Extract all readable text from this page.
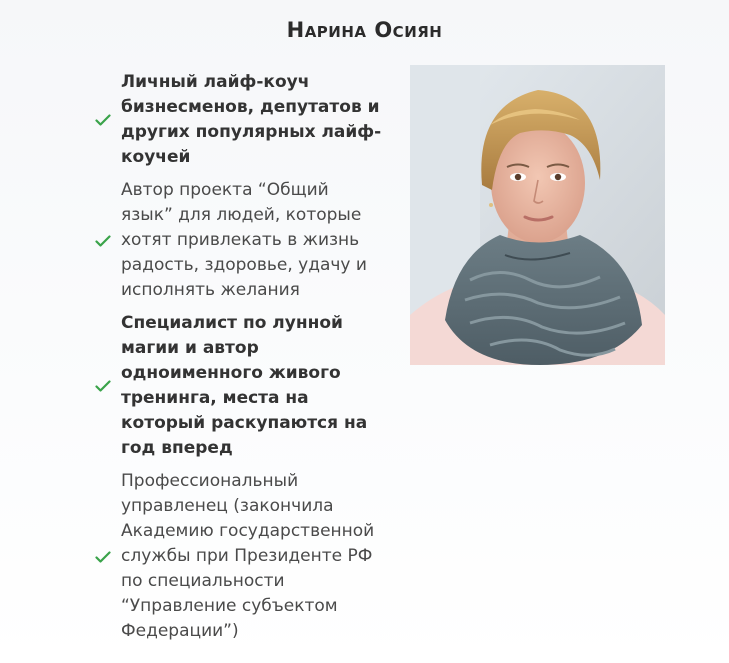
Нарина Осиян
Личный лайф-коуч бизнесменов, депутатов и других популярных лайф-коучей
Автор проекта “Общий язык” для людей, которые хотят привлекать в жизнь радость, здоровье, удачу и исполнять желания
Специалист по лунной магии и автор одноименного живого тренинга, места на который раскупаются на год вперед
Профессиональный управленец (закончила Академию государственной службы при Президенте РФ по специальности “Управление субъектом Федерации”)
